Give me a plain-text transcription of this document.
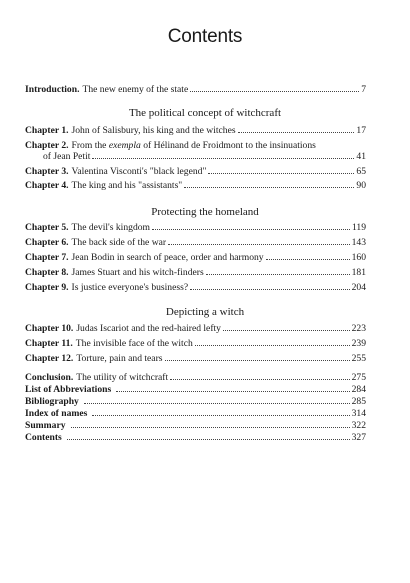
Contents
Introduction. The new enemy of the state	7
The political concept of witchcraft
Chapter 1. John of Salisbury, his king and the witches	17
Chapter 2. From the exempla of Hélinand de Froidmont to the insinuations
of Jean Petit	41
Chapter 3. Valentina Visconti's "black legend"	65
Chapter 4. The king and his "assistants"	90
Protecting the homeland
Chapter 5. The devil's kingdom	119
Chapter 6. The back side of the war	143
Chapter 7. Jean Bodin in search of peace, order and harmony	160
Chapter 8. James Stuart and his witch-finders	181
Chapter 9. Is justice everyone's business?	204
Depicting a witch
Chapter 10. Judas Iscariot and the red-haired lefty	223
Chapter 11. The invisible face of the witch	239
Chapter 12. Torture, pain and tears	255
Conclusion. The utility of witchcraft	275
List of Abbreviations	284
Bibliography	285
Index of names	314
Summary	322
Contents	327
